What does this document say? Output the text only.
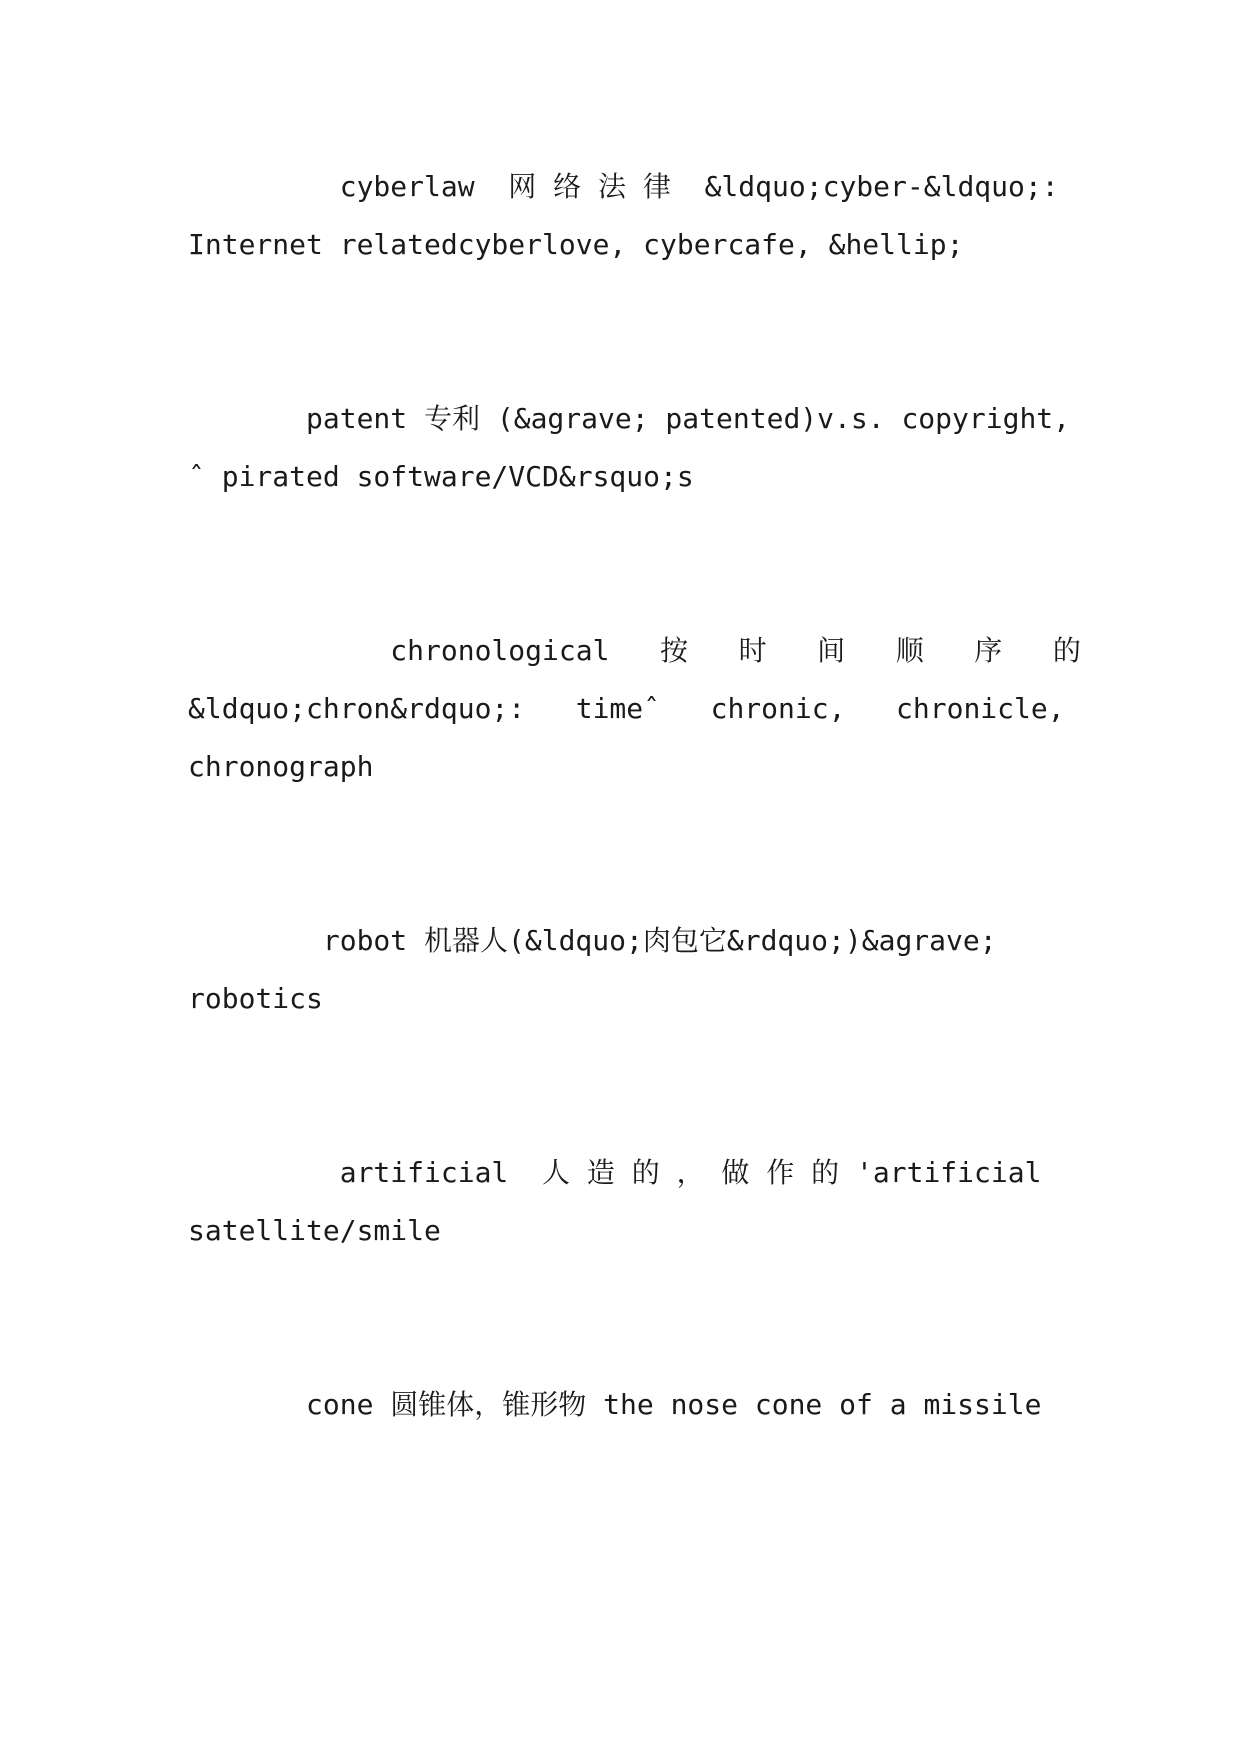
cyberlaw  网 络 法 律  &ldquo;cyber-&ldquo;:
Internet relatedcyberlove, cybercafe, &hellip;
patent 专利 (&agrave; patented)v.s. copyright,
ˆ pirated software/VCD&rsquo;s
chronological   按   时   间   顺   序   的
&ldquo;chron&rdquo;:   timeˆ   chronic,   chronicle,
chronograph
robot 机器人(&ldquo;肉包它&rdquo;)&agrave;
robotics
artificial  人 造 的 ， 做 作 的 'artificial
satellite/smile
cone 圆锥体，锥形物 the nose cone of a missile
